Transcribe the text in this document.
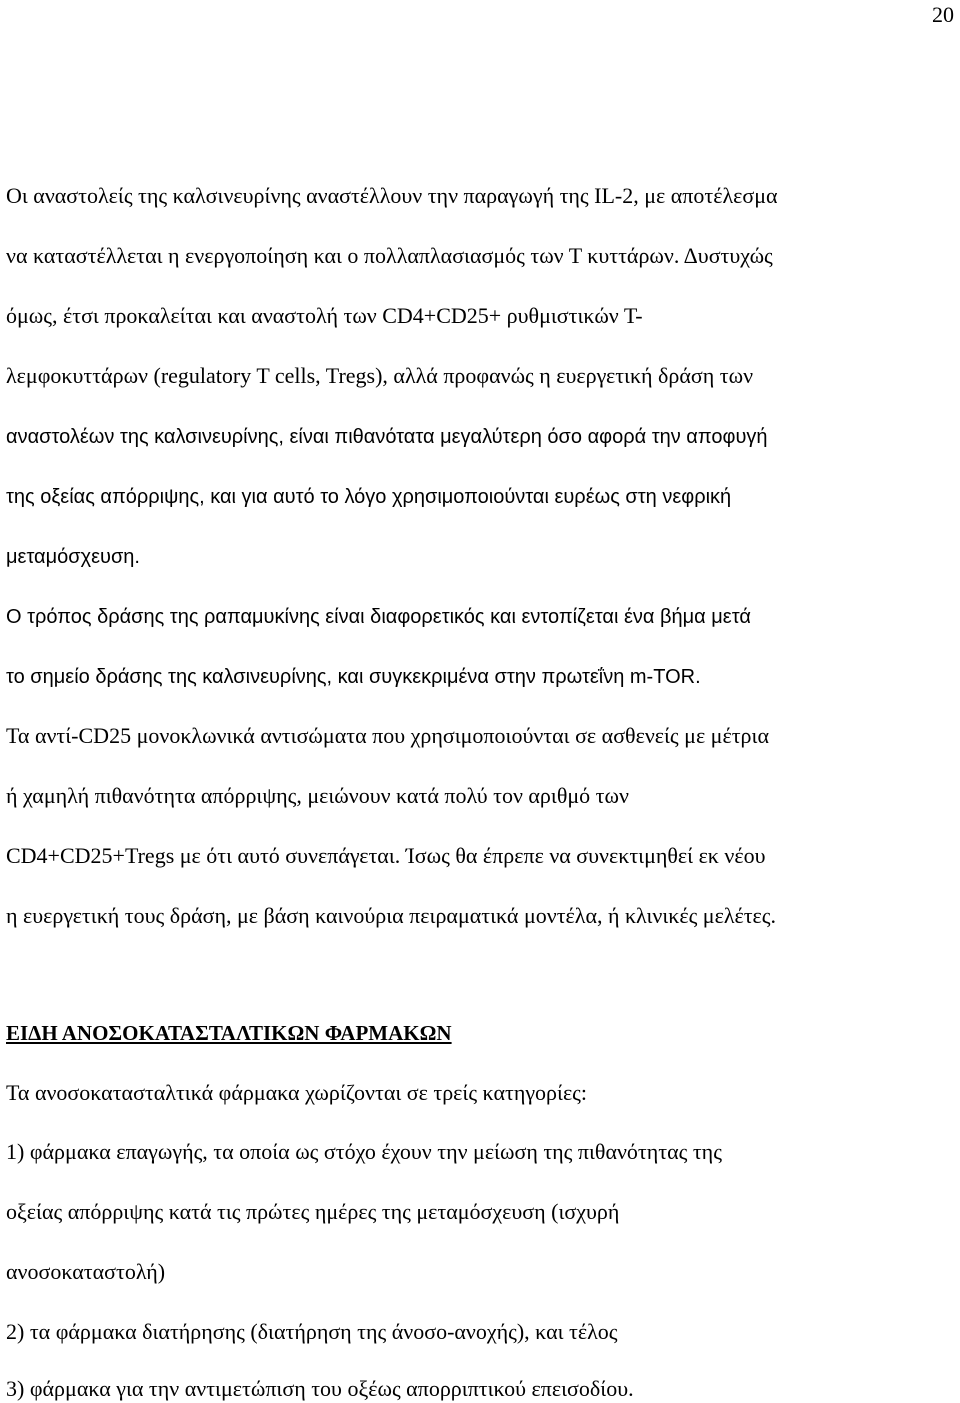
20
Οι αναστολείς της καλσινευρίνης αναστέλλουν την παραγωγή της IL-2, με αποτέλεσμα
να καταστέλλεται η ενεργοποίηση και ο πολλαπλασιασμός των Τ κυττάρων. Δυστυχώς
όμως, έτσι προκαλείται και αναστολή των CD4+CD25+ ρυθμιστικών Τ-
λεμφοκυττάρων (regulatory T cells, Tregs), αλλά προφανώς η ευεργετική δράση των
αναστολέων της καλσινευρίνης, είναι πιθανότατα μεγαλύτερη όσο αφορά την αποφυγή
της οξείας απόρριψης, και για αυτό το λόγο χρησιμοποιούνται ευρέως στη νεφρική
μεταμόσχευση.
Ο τρόπος δράσης της ραπαμυκίνης είναι διαφορετικός και εντοπίζεται ένα βήμα μετά
το σημείο δράσης της καλσινευρίνης, και συγκεκριμένα στην πρωτεΐνη m-TOR.
Τα αντί-CD25 μονοκλωνικά αντισώματα που χρησιμοποιούνται σε ασθενείς με μέτρια
ή χαμηλή πιθανότητα απόρριψης, μειώνουν κατά πολύ τον αριθμό των
CD4+CD25+Tregs με ότι αυτό συνεπάγεται. Ίσως θα έπρεπε να συνεκτιμηθεί εκ νέου
η ευεργετική τους δράση, με βάση καινούρια πειραματικά μοντέλα, ή κλινικές μελέτες.
ΕΙΔΗ ΑΝΟΣΟΚΑΤΑΣΤΑΛΤΙΚΩΝ ΦΑΡΜΑΚΩΝ
Τα ανοσοκατασταλτικά φάρμακα χωρίζονται σε τρείς κατηγορίες:
1) φάρμακα επαγωγής, τα οποία ως στόχο έχουν την μείωση της πιθανότητας της
οξείας απόρριψης κατά τις πρώτες ημέρες της μεταμόσχευση (ισχυρή
ανοσοκαταστολή)
2) τα φάρμακα διατήρησης (διατήρηση της άνοσο-ανοχής), και τέλος
3) φάρμακα για την αντιμετώπιση του οξέως απορριπτικού επεισοδίου.
